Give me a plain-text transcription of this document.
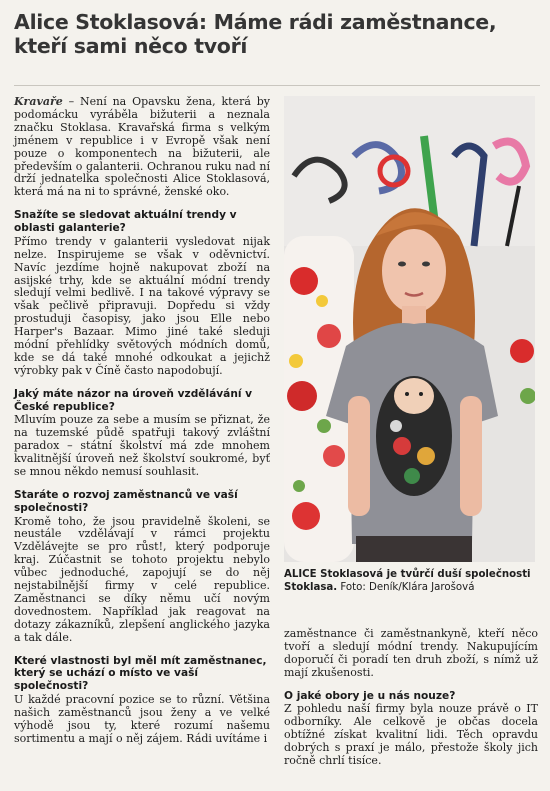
Alice Stoklasová: Máme rádi zaměstnance, kteří sami něco tvoří

Kravaře – Není na Opavsku žena, která by podomácku vyráběla bižuterii a neznala značku Stoklasa. Kravařská firma s velkým jménem v republice i v Evropě však není pouze o komponentech na bižuterii, ale především o galanterii. Ochranou ruku nad ní drží jednatelka společnosti Alice Stoklasová, která má na ni to správné, ženské oko.

Snažíte se sledovat aktuální trendy v oblasti galanterie?

Přímo trendy v galanterii vysledovat nijak nelze. Inspirujeme se však v oděvnictví. Navíc jezdíme hojně nakupovat zboží na asijské trhy, kde se aktuální módní trendy sledují velmi bedlivě. I na takové výpravy se však pečlivě připravuji. Dopředu si vždy prostuduji časopisy, jako jsou Elle nebo Harper's Bazaar. Mimo jiné také sleduji módní přehlídky světových módních domů, kde se dá také mnohé odkoukat a jejichž výrobky pak v Číně často napodobují.

Jaký máte názor na úroveň vzdělávání v České republice?

Mluvím pouze za sebe a musím se přiznat, že na tuzemské půdě spatřuji takový zvláštní paradox – státní školství má zde mnohem kvalitnější úroveň než školství soukromé, byť se mnou někdo nemusí souhlasit.

Staráte o rozvoj zaměstnanců ve vaší společnosti?

Kromě toho, že jsou pravidelně školeni, se neustále vzdělávají v rámci projektu Vzdělávejte se pro růst!, který podporuje kraj. Zúčastnit se tohoto projektu nebylo vůbec jednoduché, zapojují se do něj nejstabilnější firmy v celé republice. Zaměstnanci se díky němu učí novým dovednostem. Například jak reagovat na dotazy zákazníků, zlepšení anglického jazyka a tak dále.

Které vlastnosti byl měl mít zaměstnanec, který se uchází o místo ve vaší společnosti?

U každé pracovní pozice se to různí. Většina našich zaměstnanců jsou ženy a ve velké výhodě jsou ty, které rozumí našemu sortimentu a mají o něj zájem. Rádi uvítáme i

ALICE Stoklasová je tvůrčí duší společnosti Stoklasa. Foto: Deník/Klára Jarošová

zaměstnance či zaměstnankyně, kteří něco tvoří a sledují módní trendy. Nakupujícím doporučí či poradí ten druh zboží, s nímž už mají zkušenosti.

O jaké obory je u nás nouze?

Z pohledu naší firmy byla nouze právě o IT odborníky. Ale celkově je občas docela obtížné získat kvalitní lidi. Těch opravdu dobrých s praxí je málo, přestože školy jich ročně chrlí tisíce.
